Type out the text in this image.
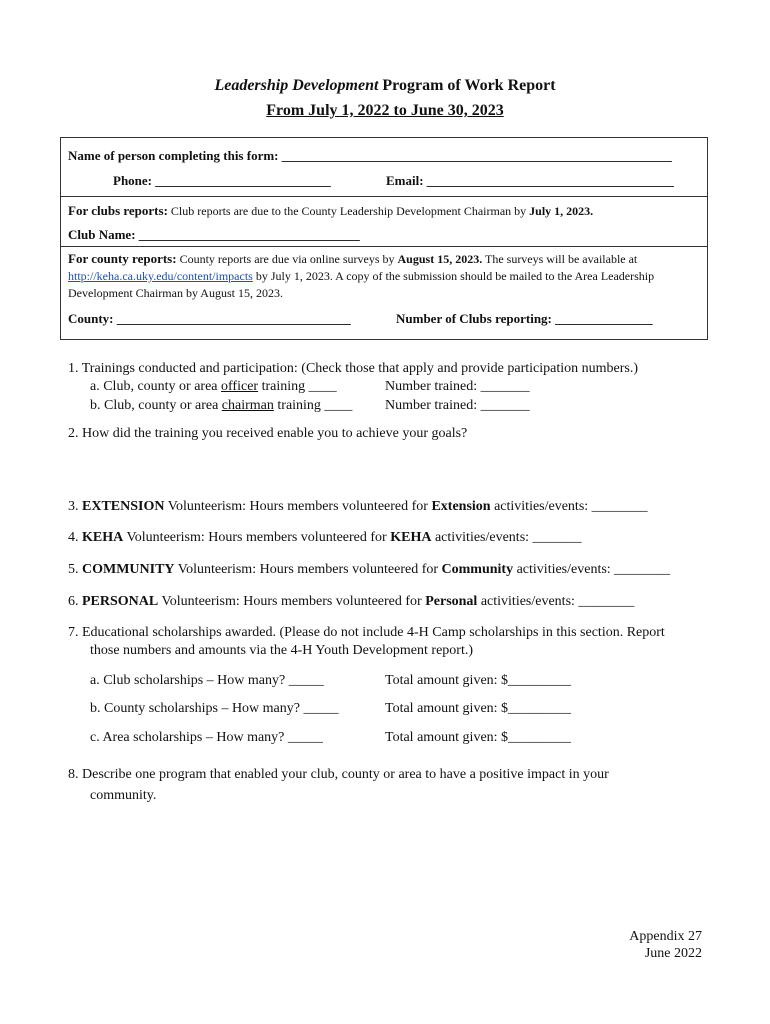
Leadership Development Program of Work Report
From July 1, 2022 to June 30, 2023
Name of person completing this form: ____________________________________________________________
Phone: ___________________________	Email: ______________________________________
For clubs reports: Club reports are due to the County Leadership Development Chairman by July 1, 2023.
Club Name: __________________________________
For county reports: County reports are due via online surveys by August 15, 2023. The surveys will be available at
http://keha.ca.uky.edu/content/impacts by July 1, 2023. A copy of the submission should be mailed to the Area Leadership
Development Chairman by August 15, 2023.
County: ____________________________________	Number of Clubs reporting: _______________
1. Trainings conducted and participation: (Check those that apply and provide participation numbers.)
a. Club, county or area officer training ____	Number trained: _______
b. Club, county or area chairman training ____ Number trained: _______
2. How did the training you received enable you to achieve your goals?
3. EXTENSION Volunteerism: Hours members volunteered for Extension activities/events: ________
4. KEHA Volunteerism: Hours members volunteered for KEHA activities/events: _______
5. COMMUNITY Volunteerism: Hours members volunteered for Community activities/events: ________
6. PERSONAL Volunteerism: Hours members volunteered for Personal activities/events: ________
7. Educational scholarships awarded. (Please do not include 4-H Camp scholarships in this section. Report
those numbers and amounts via the 4-H Youth Development report.)
a. Club scholarships – How many? _____	Total amount given: $_________
b. County scholarships – How many? _____	Total amount given: $_________
c. Area scholarships – How many? _____	Total amount given: $_________
8. Describe one program that enabled your club, county or area to have a positive impact in your
community.
Appendix 27
June 2022
